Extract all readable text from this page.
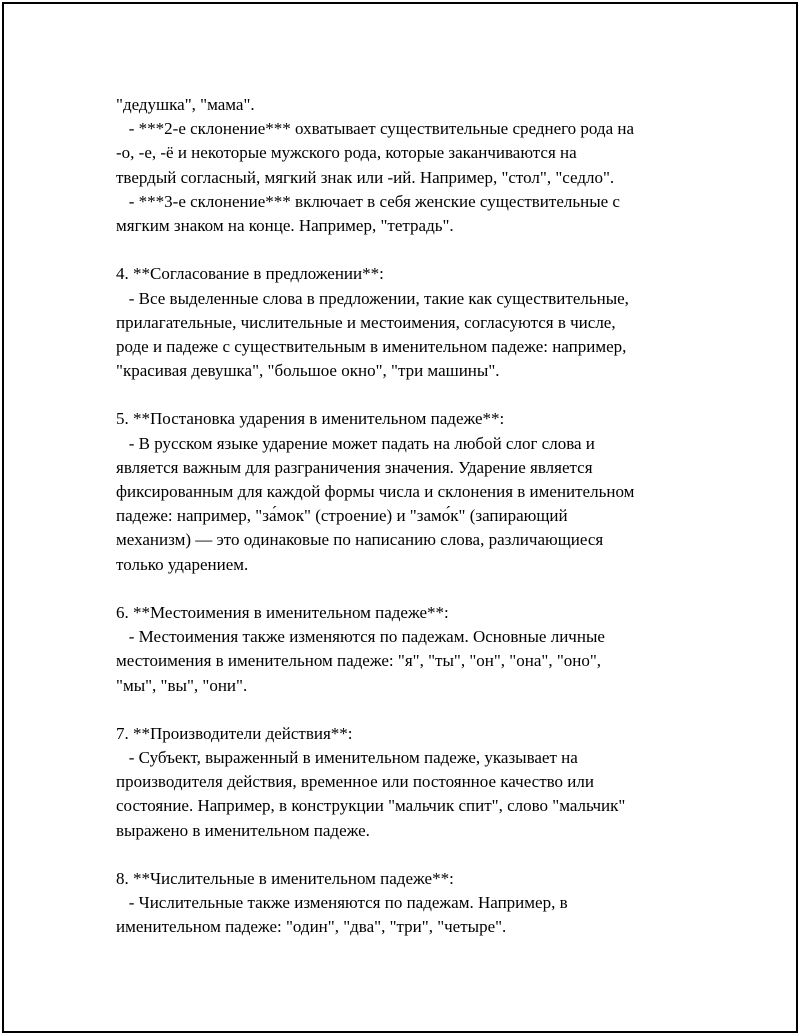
"дедушка", "мама".
- ***2-е склонение*** охватывает существительные среднего рода на
-о, -е, -ё и некоторые мужского рода, которые заканчиваются на
твердый согласный, мягкий знак или -ий. Например, "стол", "седло".
- ***3-е склонение*** включает в себя женские существительные с
мягким знаком на конце. Например, "тетрадь".
4. **Согласование в предложении**:
- Все выделенные слова в предложении, такие как существительные,
прилагательные, числительные и местоимения, согласуются в числе,
роде и падеже с существительным в именительном падеже: например,
"красивая девушка", "большое окно", "три машины".
5. **Постановка ударения в именительном падеже**:
- В русском языке ударение может падать на любой слог слова и
является важным для разграничения значения. Ударение является
фиксированным для каждой формы числа и склонения в именительном
падеже: например, "за́мок" (строение) и "замо́к" (запирающий
механизм) — это одинаковые по написанию слова, различающиеся
только ударением.
6. **Местоимения в именительном падеже**:
- Местоимения также изменяются по падежам. Основные личные
местоимения в именительном падеже: "я", "ты", "он", "она", "оно",
"мы", "вы", "они".
7. **Производители действия**:
- Субъект, выраженный в именительном падеже, указывает на
производителя действия, временное или постоянное качество или
состояние. Например, в конструкции "мальчик спит", слово "мальчик"
выражено в именительном падеже.
8. **Числительные в именительном падеже**:
- Числительные также изменяются по падежам. Например, в
именительном падеже: "один", "два", "три", "четыре".
